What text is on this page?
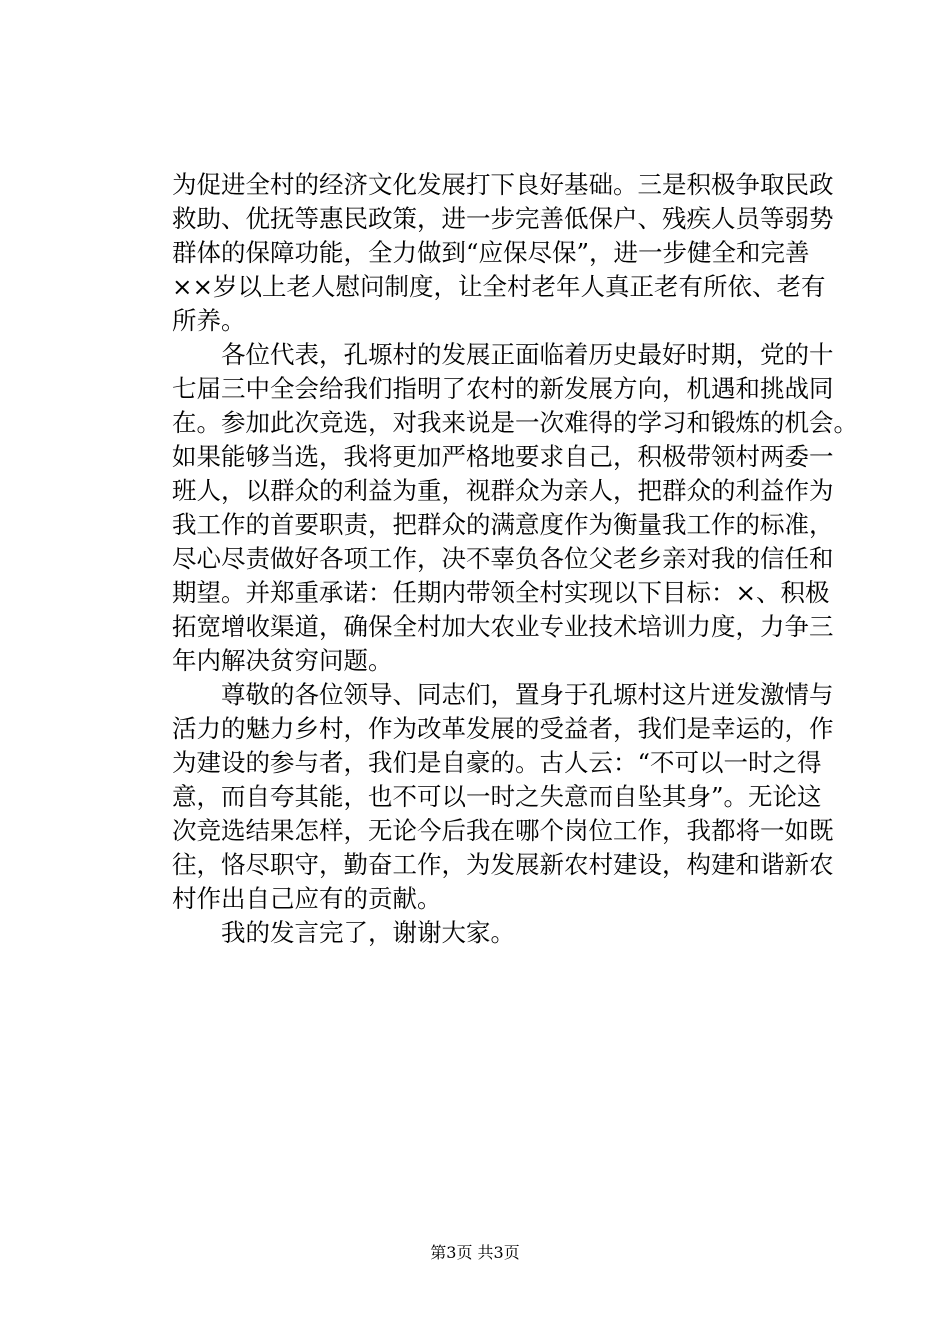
为促进全村的经济文化发展打下良好基础。三是积极争取民政
救助、优抚等惠民政策，进一步完善低保户、残疾人员等弱势
群体的保障功能，全力做到“应保尽保”，进一步健全和完善
××岁以上老人慰问制度，让全村老年人真正老有所依、老有
所养。
　　各位代表，孔塬村的发展正面临着历史最好时期，党的十
七届三中全会给我们指明了农村的新发展方向，机遇和挑战同
在。参加此次竞选，对我来说是一次难得的学习和锻炼的机会。
如果能够当选，我将更加严格地要求自己，积极带领村两委一
班人，以群众的利益为重，视群众为亲人，把群众的利益作为
我工作的首要职责，把群众的满意度作为衡量我工作的标准，
尽心尽责做好各项工作，决不辜负各位父老乡亲对我的信任和
期望。并郑重承诺：任期内带领全村实现以下目标：×、积极
拓宽增收渠道，确保全村加大农业专业技术培训力度，力争三
年内解决贫穷问题。
　　尊敬的各位领导、同志们，置身于孔塬村这片迸发激情与
活力的魅力乡村，作为改革发展的受益者，我们是幸运的，作
为建设的参与者，我们是自豪的。古人云：“不可以一时之得
意，而自夸其能，也不可以一时之失意而自坠其身”。无论这
次竞选结果怎样，无论今后我在哪个岗位工作，我都将一如既
往，恪尽职守，勤奋工作，为发展新农村建设，构建和谐新农
村作出自己应有的贡献。
　　我的发言完了，谢谢大家。
第3页 共3页
